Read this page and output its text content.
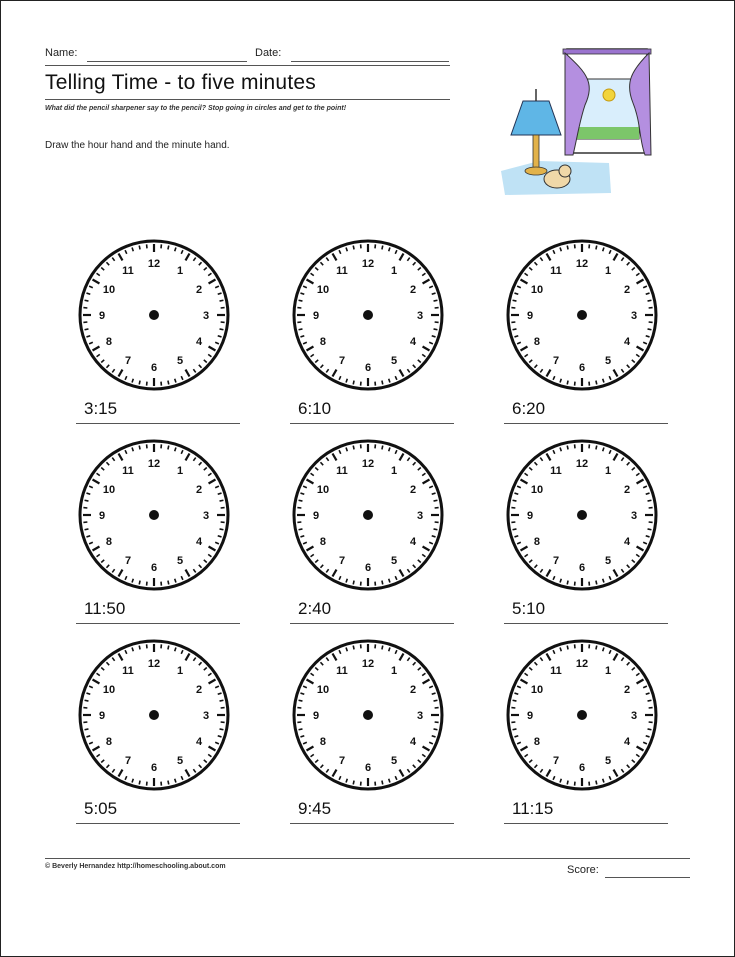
Name:	Date:
Telling Time - to five minutes
What did the pencil sharpener say to the pencil? Stop going in circles and get to the point!
Draw the hour hand and the minute hand.
12
1
2
3
4
5
6
7
8
9
10
11
3:15
12
1
2
3
4
5
6
7
8
9
10
11
6:10
12
1
2
3
4
5
6
7
8
9
10
11
6:20
12
1
2
3
4
5
6
7
8
9
10
11
11:50
12
1
2
3
4
5
6
7
8
9
10
11
2:40
12
1
2
3
4
5
6
7
8
9
10
11
5:10
12
1
2
3
4
5
6
7
8
9
10
11
5:05
12
1
2
3
4
5
6
7
8
9
10
11
9:45
12
1
2
3
4
5
6
7
8
9
10
11
11:15
© Beverly Hernandez http://homeschooling.about.com	Score:
